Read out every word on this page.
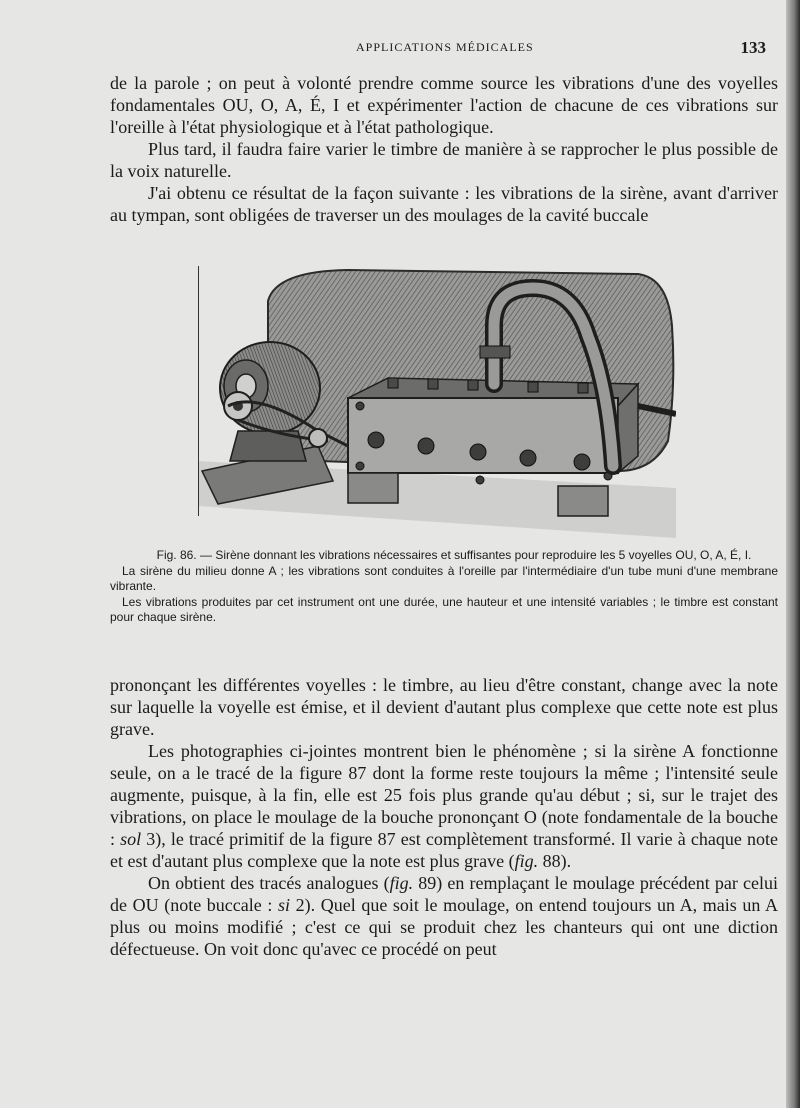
APPLICATIONS MÉDICALES	133

de la parole ; on peut à volonté prendre comme source les vibrations d'une des voyelles fondamentales OU, O, A, É, I et expérimenter l'action de chacune de ces vibrations sur l'oreille à l'état physiologique et à l'état pathologique.

Plus tard, il faudra faire varier le timbre de manière à se rapprocher le plus possible de la voix naturelle.

J'ai obtenu ce résultat de la façon suivante : les vibrations de la sirène, avant d'arriver au tympan, sont obligées de traverser un des moulages de la cavité buccale

Fig. 86. — Sirène donnant les vibrations nécessaires et suffisantes pour reproduire les 5 voyelles OU, O, A, É, I.

La sirène du milieu donne A ; les vibrations sont conduites à l'oreille par l'intermédiaire d'un tube muni d'une membrane vibrante.

Les vibrations produites par cet instrument ont une durée, une hauteur et une intensité variables ; le timbre est constant pour chaque sirène.

prononçant les différentes voyelles : le timbre, au lieu d'être constant, change avec la note sur laquelle la voyelle est émise, et il devient d'autant plus complexe que cette note est plus grave.

Les photographies ci-jointes montrent bien le phénomène ; si la sirène A fonctionne seule, on a le tracé de la figure 87 dont la forme reste toujours la même ; l'intensité seule augmente, puisque, à la fin, elle est 25 fois plus grande qu'au début ; si, sur le trajet des vibrations, on place le moulage de la bouche prononçant O (note fondamentale de la bouche : sol 3), le tracé primitif de la figure 87 est complètement transformé. Il varie à chaque note et est d'autant plus complexe que la note est plus grave (fig. 88).

On obtient des tracés analogues (fig. 89) en remplaçant le moulage précédent par celui de OU (note buccale : si 2). Quel que soit le moulage, on entend toujours un A, mais un A plus ou moins modifié ; c'est ce qui se produit chez les chanteurs qui ont une diction défectueuse. On voit donc qu'avec ce procédé on peut
